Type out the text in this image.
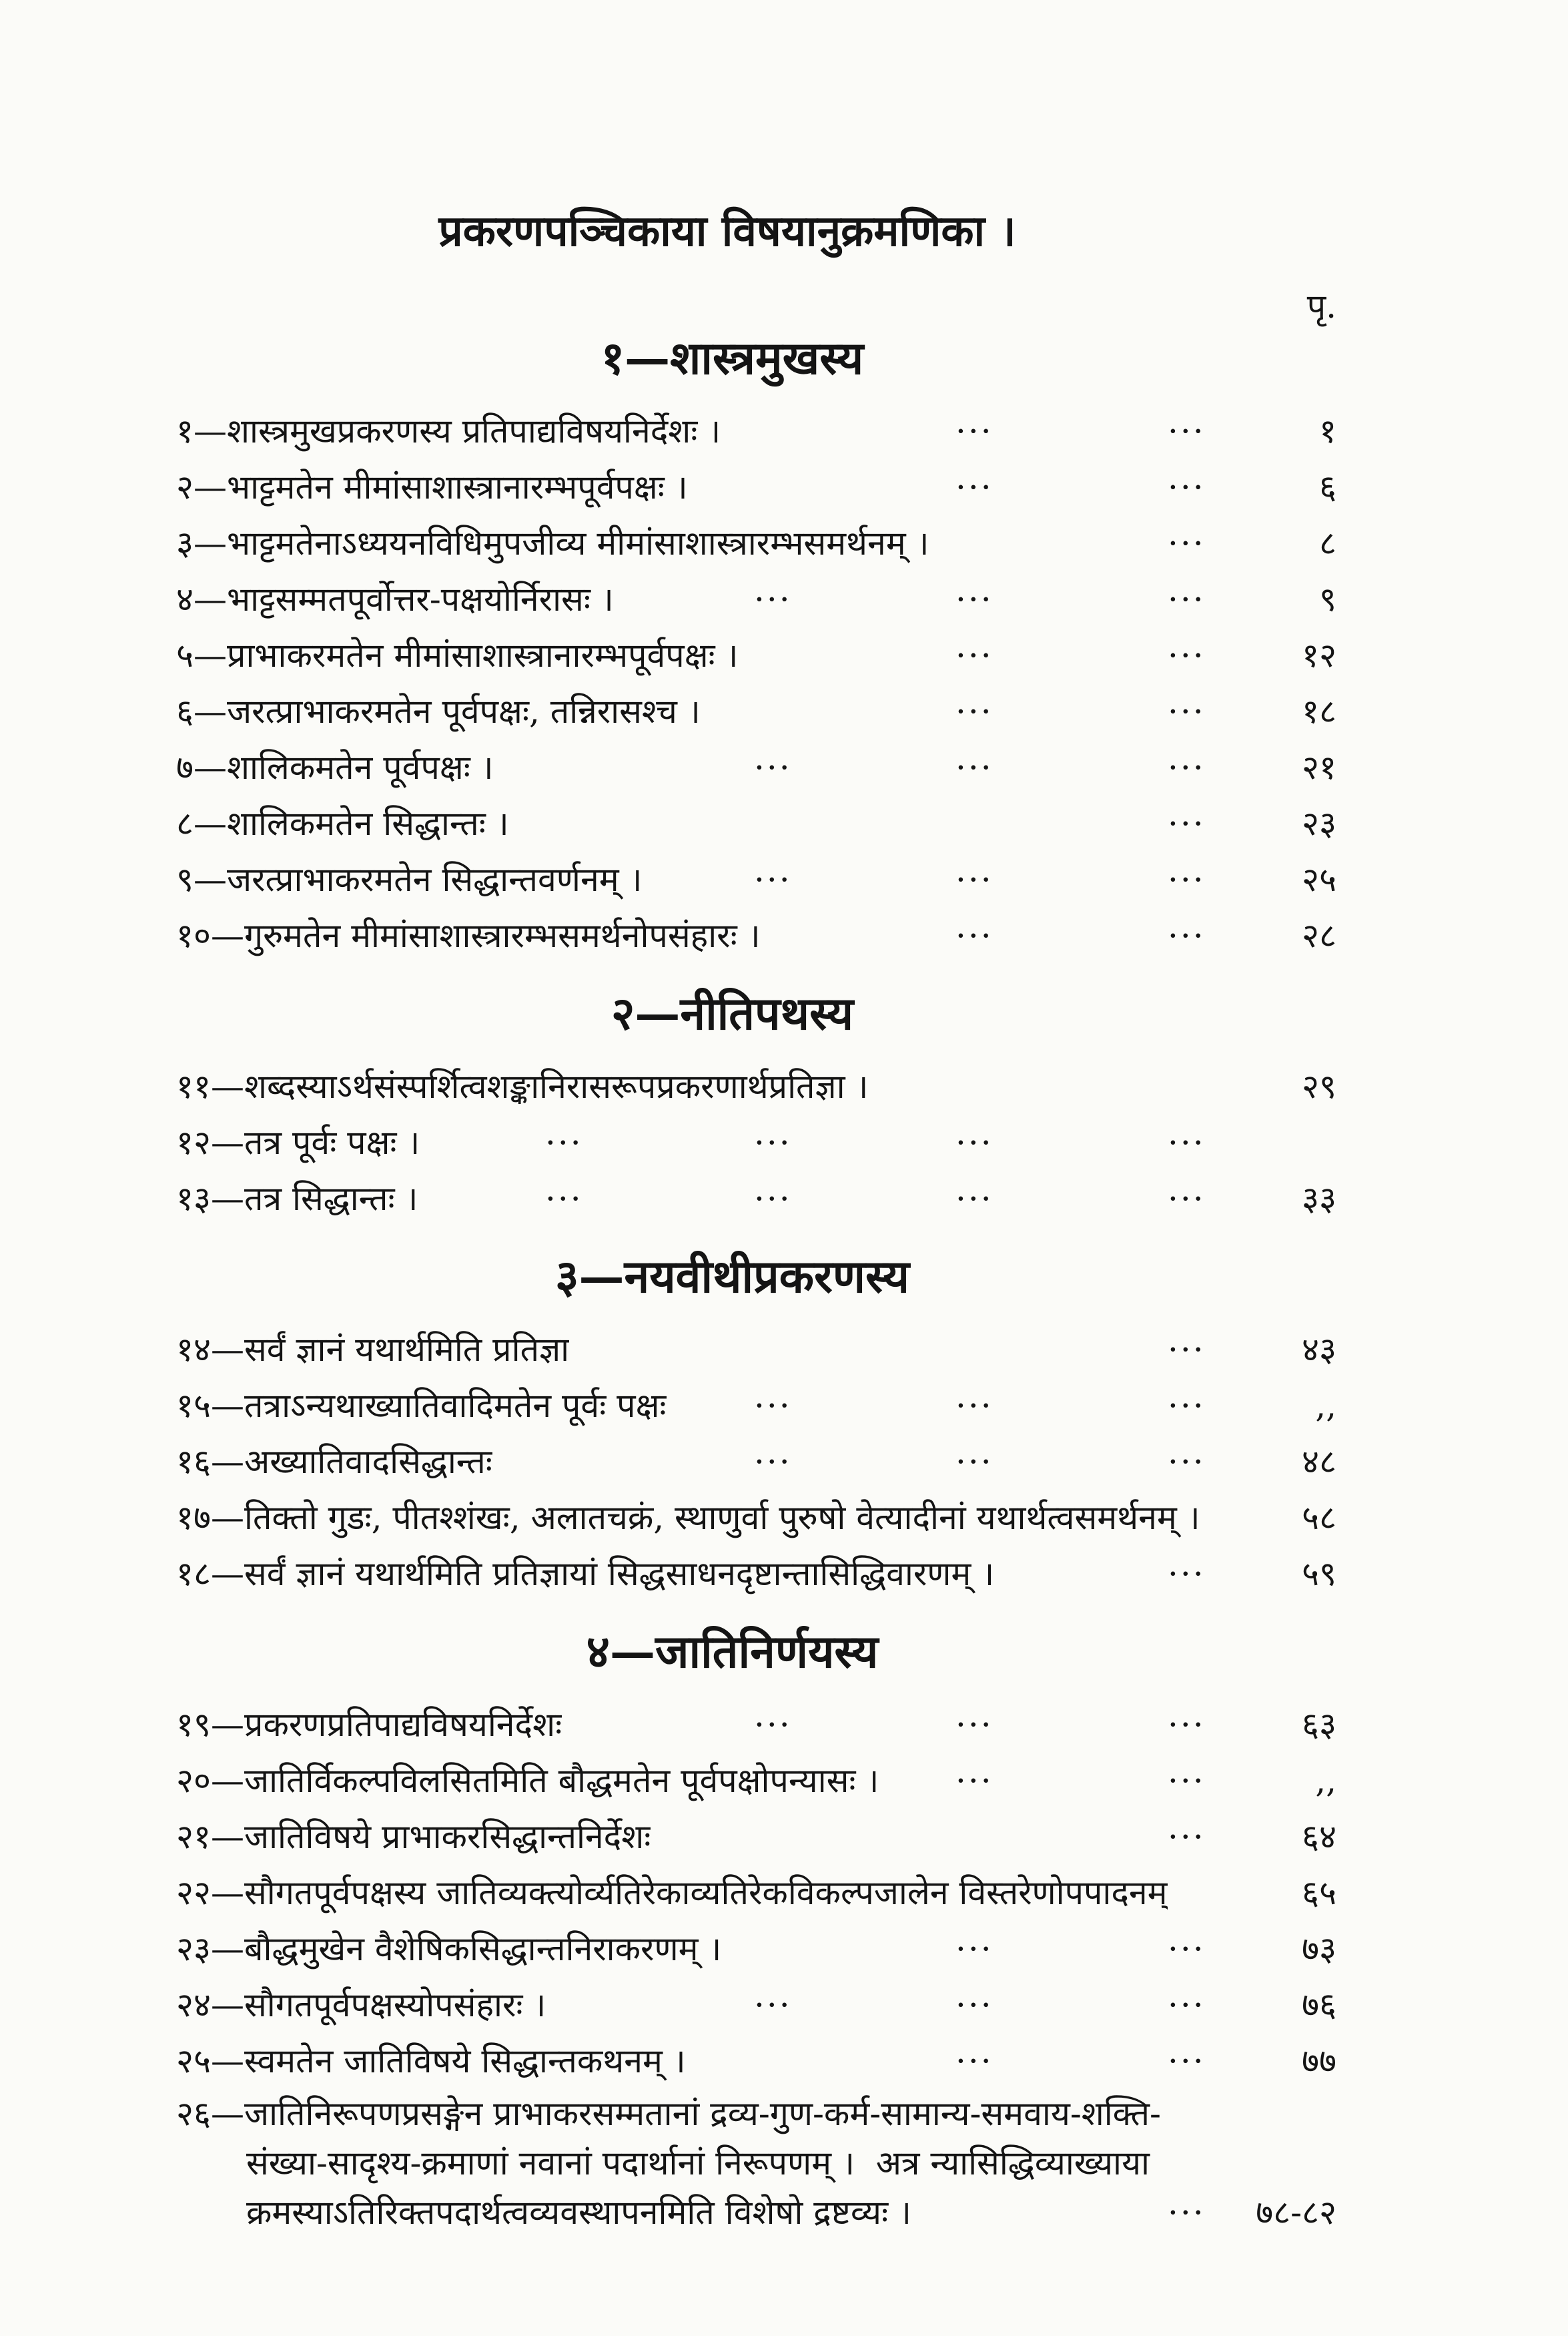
प्रकरणपञ्चिकाया विषयानुक्रमणिका ।
पृ.
१—शास्त्रमुखस्य
१—शास्त्रमुखप्रकरणस्य प्रतिपाद्यविषयनिर्देशः ।	···	···	१
२—भाट्टमतेन मीमांसाशास्त्रानारम्भपूर्वपक्षः ।	···	···	६
३—भाट्टमतेनाऽध्ययनविधिमुपजीव्य मीमांसाशास्त्रारम्भसमर्थनम् ।	···	८
४—भाट्टसम्मतपूर्वोत्तर-पक्षयोर्निरासः ।	···	···	···	९
५—प्राभाकरमतेन मीमांसाशास्त्रानारम्भपूर्वपक्षः ।	···	···	१२
६—जरत्प्राभाकरमतेन पूर्वपक्षः, तन्निरासश्च ।	···	···	१८
७—शालिकमतेन पूर्वपक्षः ।	···	···	···	२१
८—शालिकमतेन सिद्धान्तः ।	···	२३
९—जरत्प्राभाकरमतेन सिद्धान्तवर्णनम् ।	···	···	···	२५
१०—गुरुमतेन मीमांसाशास्त्रारम्भसमर्थनोपसंहारः ।	···	···	२८
२—नीतिपथस्य
११—शब्दस्याऽर्थसंस्पर्शित्वशङ्कानिरासरूपप्रकरणार्थप्रतिज्ञा ।	२९
१२—तत्र पूर्वः पक्षः ।	···	···	···	···
१३—तत्र सिद्धान्तः ।	···	···	···	···	३३
३—नयवीथीप्रकरणस्य
१४—सर्वं ज्ञानं यथार्थमिति प्रतिज्ञा	···	४३
१५—तत्राऽन्यथाख्यातिवादिमतेन पूर्वः पक्षः	···	···	···	,,
१६—अख्यातिवादसिद्धान्तः	···	···	···	४८
१७—तिक्तो गुडः, पीतश्शंखः, अलातचक्रं, स्थाणुर्वा पुरुषो वेत्यादीनां यथार्थत्वसमर्थनम् ।	५८
१८—सर्वं ज्ञानं यथार्थमिति प्रतिज्ञायां सिद्धसाधनदृष्टान्तासिद्धिवारणम् ।	···	५९
४—जातिनिर्णयस्य
१९—प्रकरणप्रतिपाद्यविषयनिर्देशः	···	···	···	६३
२०—जातिर्विकल्पविलसितमिति बौद्धमतेन पूर्वपक्षोपन्यासः । ···	···	,,
२१—जातिविषये प्राभाकरसिद्धान्तनिर्देशः	···	६४
२२—सौगतपूर्वपक्षस्य जातिव्यक्त्योर्व्यतिरेकाव्यतिरेकविकल्पजालेन विस्तरेणोपपादनम्	६५
२३—बौद्धमुखेन वैशेषिकसिद्धान्तनिराकरणम् ।	···	···	७३
२४—सौगतपूर्वपक्षस्योपसंहारः ।	···	···	···	७६
२५—स्वमतेन जातिविषये सिद्धान्तकथनम् ।	···	···	७७
२६—जातिनिरूपणप्रसङ्गेन प्राभाकरसम्मतानां द्रव्य-गुण-कर्म-सामान्य-समवाय-शक्ति-
संख्या-सादृश्य-क्रमाणां नवानां पदार्थानां निरूपणम् ।  अत्र न्यासिद्धिव्याख्याया
क्रमस्याऽतिरिक्तपदार्थत्वव्यवस्थापनमिति विशेषो द्रष्टव्यः ।	···	७८-८२
